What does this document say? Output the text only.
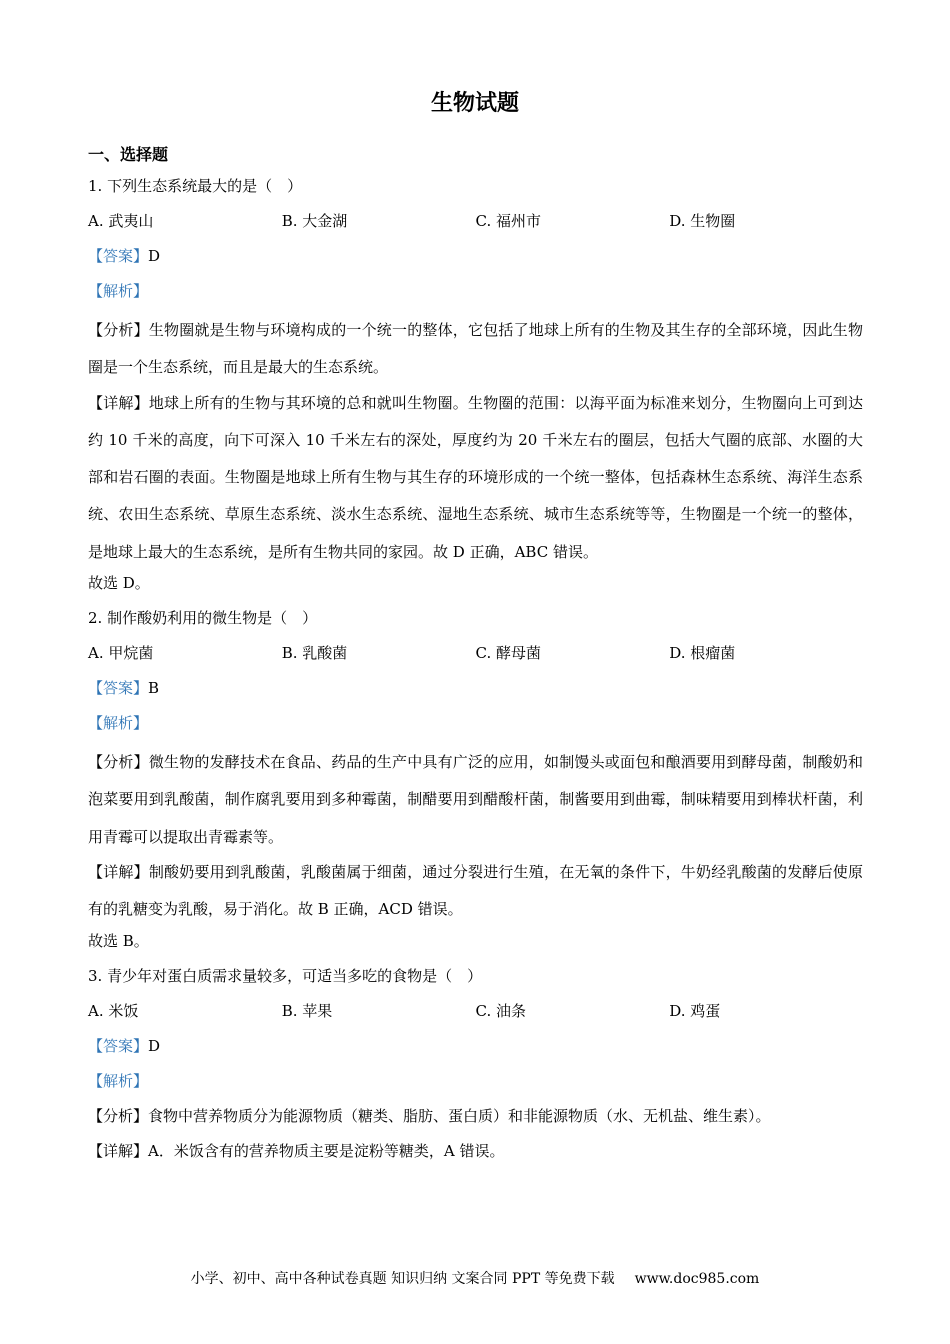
生物试题
一、选择题
1. 下列生态系统最大的是（　）
A. 武夷山	B. 大金湖	C. 福州市	D. 生物圈
【答案】D
【解析】
【分析】生物圈就是生物与环境构成的一个统一的整体，它包括了地球上所有的生物及其生存的全部环境，因此生物圈是一个生态系统，而且是最大的生态系统。
【详解】地球上所有的生物与其环境的总和就叫生物圈。生物圈的范围：以海平面为标准来划分，生物圈向上可到达约 10 千米的高度，向下可深入 10 千米左右的深处，厚度约为 20 千米左右的圈层，包括大气圈的底部、水圈的大部和岩石圈的表面。生物圈是地球上所有生物与其生存的环境形成的一个统一整体，包括森林生态系统、海洋生态系统、农田生态系统、草原生态系统、淡水生态系统、湿地生态系统、城市生态系统等等，生物圈是一个统一的整体，是地球上最大的生态系统，是所有生物共同的家园。故 D 正确，ABC 错误。
故选 D。
2. 制作酸奶利用的微生物是（　）
A. 甲烷菌	B. 乳酸菌	C. 酵母菌	D. 根瘤菌
【答案】B
【解析】
【分析】微生物的发酵技术在食品、药品的生产中具有广泛的应用，如制馒头或面包和酿酒要用到酵母菌，制酸奶和泡菜要用到乳酸菌，制作腐乳要用到多种霉菌，制醋要用到醋酸杆菌，制酱要用到曲霉，制味精要用到棒状杆菌，利用青霉可以提取出青霉素等。
【详解】制酸奶要用到乳酸菌，乳酸菌属于细菌，通过分裂进行生殖，在无氧的条件下，牛奶经乳酸菌的发酵后使原有的乳糖变为乳酸，易于消化。故 B 正确，ACD 错误。
故选 B。
3. 青少年对蛋白质需求量较多，可适当多吃的食物是（　）
A. 米饭	B. 苹果	C. 油条	D. 鸡蛋
【答案】D
【解析】
【分析】食物中营养物质分为能源物质（糖类、脂肪、蛋白质）和非能源物质（水、无机盐、维生素）。
【详解】A．米饭含有的营养物质主要是淀粉等糖类，A 错误。
小学、初中、高中各种试卷真题 知识归纳 文案合同 PPT 等免费下载 www.doc985.com
